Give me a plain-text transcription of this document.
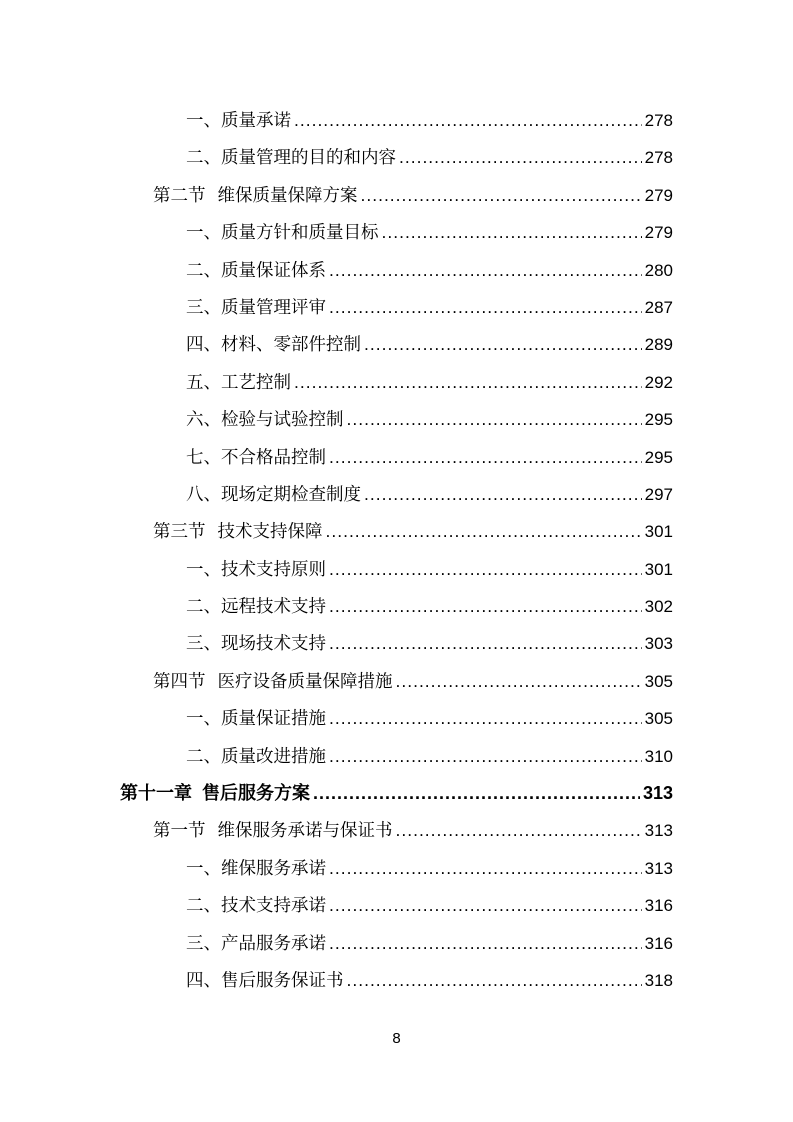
一、质量承诺 .....	278
二、质量管理的目的和内容 .....	278
第二节 维保质量保障方案 .....	279
一、质量方针和质量目标 .....	279
二、质量保证体系 .....	280
三、质量管理评审 .....	287
四、材料、零部件控制 .....	289
五、工艺控制 .....	292
六、检验与试验控制 .....	295
七、不合格品控制 .....	295
八、现场定期检查制度 .....	297
第三节 技术支持保障 .....	301
一、技术支持原则 .....	301
二、远程技术支持 .....	302
三、现场技术支持 .....	303
第四节 医疗设备质量保障措施 .....	305
一、质量保证措施 .....	305
二、质量改进措施 .....	310
第十一章 售后服务方案 .....	313
第一节 维保服务承诺与保证书 .....	313
一、维保服务承诺 .....	313
二、技术支持承诺 .....	316
三、产品服务承诺 .....	316
四、售后服务保证书 .....	318
8
